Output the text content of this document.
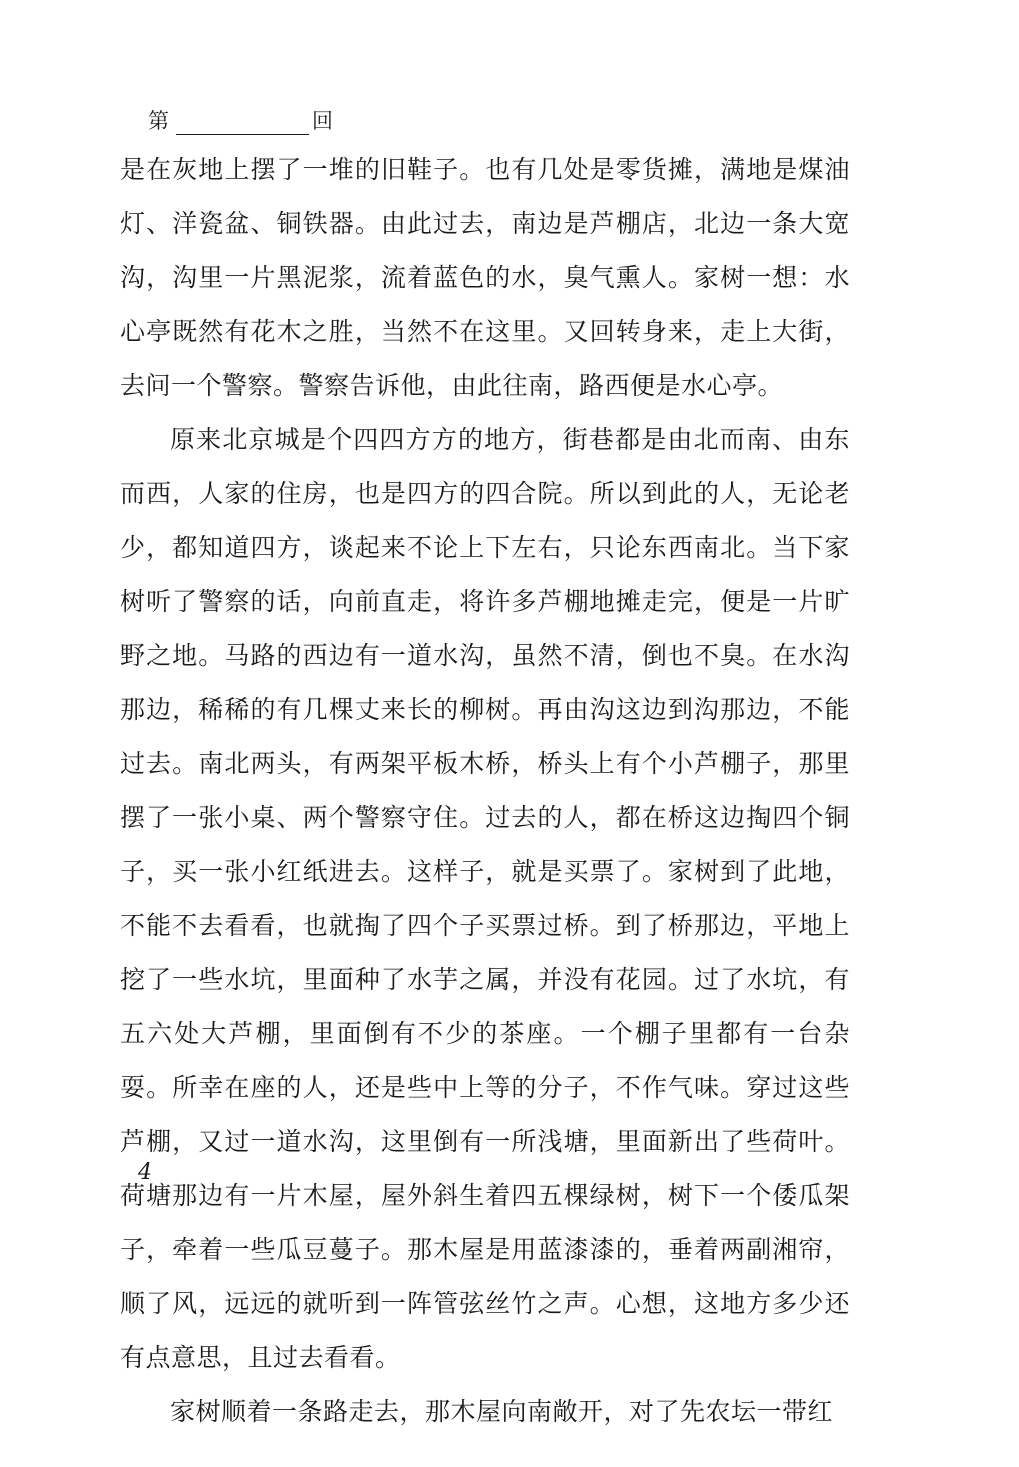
第	回

是在灰地上摆了一堆的旧鞋子。也有几处是零货摊，满地是煤油灯、洋瓷盆、铜铁器。由此过去，南边是芦棚店，北边一条大宽沟，沟里一片黑泥浆，流着蓝色的水，臭气熏人。家树一想：水心亭既然有花木之胜，当然不在这里。又回转身来，走上大街，去问一个警察。警察告诉他，由此往南，路西便是水心亭。

原来北京城是个四四方方的地方，街巷都是由北而南、由东而西，人家的住房，也是四方的四合院。所以到此的人，无论老少，都知道四方，谈起来不论上下左右，只论东西南北。当下家树听了警察的话，向前直走，将许多芦棚地摊走完，便是一片旷野之地。马路的西边有一道水沟，虽然不清，倒也不臭。在水沟那边，稀稀的有几棵丈来长的柳树。再由沟这边到沟那边，不能过去。南北两头，有两架平板木桥，桥头上有个小芦棚子，那里摆了一张小桌、两个警察守住。过去的人，都在桥这边掏四个铜子，买一张小红纸进去。这样子，就是买票了。家树到了此地，不能不去看看，也就掏了四个子买票过桥。到了桥那边，平地上挖了一些水坑，里面种了水芋之属，并没有花园。过了水坑，有五六处大芦棚，里面倒有不少的茶座。一个棚子里都有一台杂耍。所幸在座的人，还是些中上等的分子，不作气味。穿过这些芦棚，又过一道水沟，这里倒有一所浅塘，里面新出了些荷叶。荷塘那边有一片木屋，屋外斜生着四五棵绿树，树下一个倭瓜架子，牵着一些瓜豆蔓子。那木屋是用蓝漆漆的，垂着两副湘帘，顺了风，远远的就听到一阵管弦丝竹之声。心想，这地方多少还有点意思，且过去看看。

家树顺着一条路走去，那木屋向南敞开，对了先农坛一带红

4
